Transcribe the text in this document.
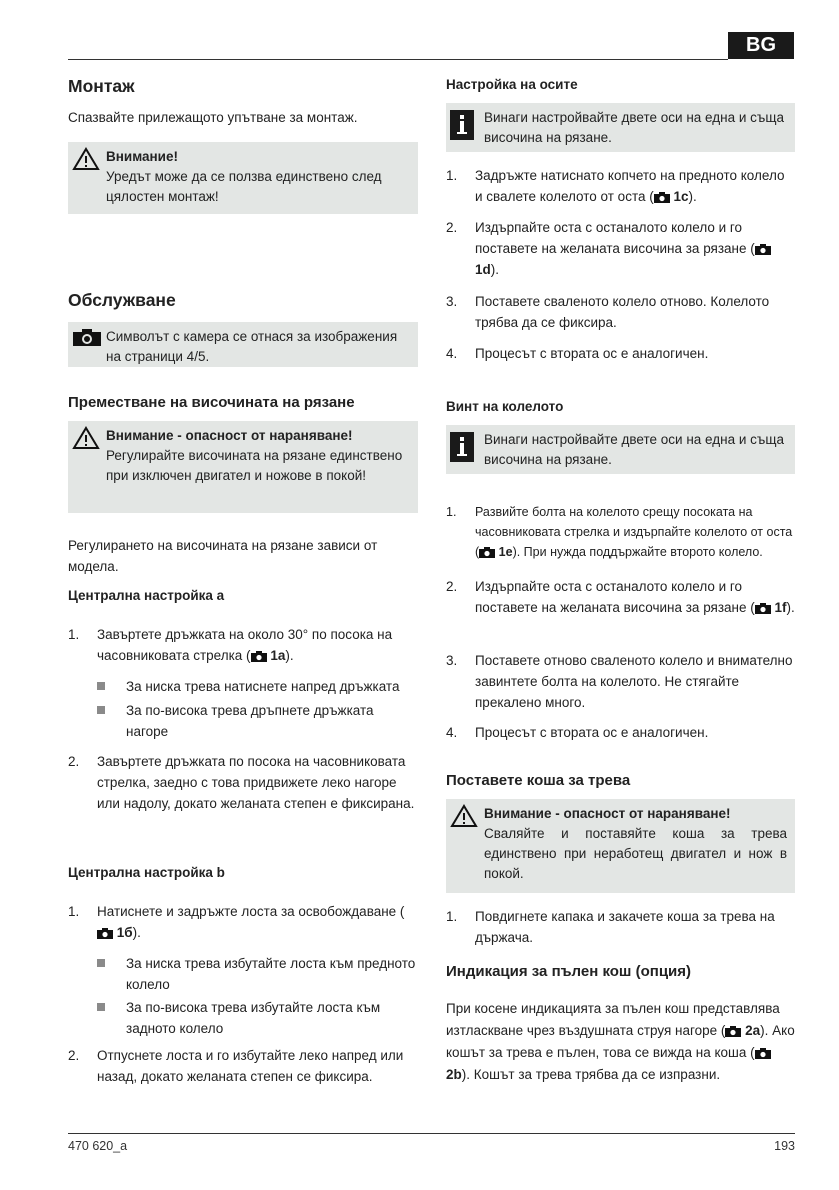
BG
Монтаж
Спазвайте прилежащото упътване за монтаж.
Внимание!
Уредът може да се ползва единствено след цялостен монтаж!
Обслужване
Символът с камера се отнася за изображения на страници 4/5.
Преместване на височината на рязане
Внимание - опасност от нараняване!
Регулирайте височината на рязане единствено при изключен двигател и ножове в покой!
Регулирането на височината на рязане зависи от модела.
Централна настройка a
1. Завъртете дръжката на около 30° по посока на часовниковата стрелка ( 1a).
За ниска трева натиснете напред дръжката
За по-висока трева дръпнете дръжката нагоре
2. Завъртете дръжката по посока на часовниковата стрелка, заедно с това придвижете леко нагоре или надолу, докато желаната степен е фиксирана.
Централна настройка b
1. Натиснете и задръжте лоста за освобождаване ( 1б).
За ниска трева избутайте лоста към предното колело
За по-висока трева избутайте лоста към задното колело
2. Отпуснете лоста и го избутайте леко напред или назад, докато желаната степен се фиксира.
Настройка на осите
Винаги настройвайте двете оси на една и съща височина на рязане.
1. Задръжте натиснато копчето на предното колело и свалете колелото от оста ( 1c).
2. Издърпайте оста с останалото колело и го поставете на желаната височина за рязане ( 1d).
3. Поставете сваленото колело отново. Колелото трябва да се фиксира.
4. Процесът с втората ос е аналогичен.
Винт на колелото
Винаги настройвайте двете оси на една и съща височина на рязане.
1. Развийте болта на колелото срещу посоката на часовниковата стрелка и издърпайте колелото от оста ( 1e). При нужда поддържайте второто колело.
2. Издърпайте оста с останалото колело и го поставете на желаната височина за рязане ( 1f).
3. Поставете отново сваленото колело и внимателно завинтете болта на колелото. Не стягайте прекалено много.
4. Процесът с втората ос е аналогичен.
Поставете коша за трева
Внимание - опасност от нараняване!
Сваляйте и поставяйте коша за трева единствено при неработещ двигател и нож в покой.
1. Повдигнете капака и закачете коша за трева на държача.
Индикация за пълен кош (опция)
При косене индикацията за пълен кош представлява изтласкване чрез въздушната струя нагоре ( 2a). Ако кошът за трева е пълен, това се вижда на коша ( 2b). Кошът за трева трябва да се изпразни.
470 620_a	193
